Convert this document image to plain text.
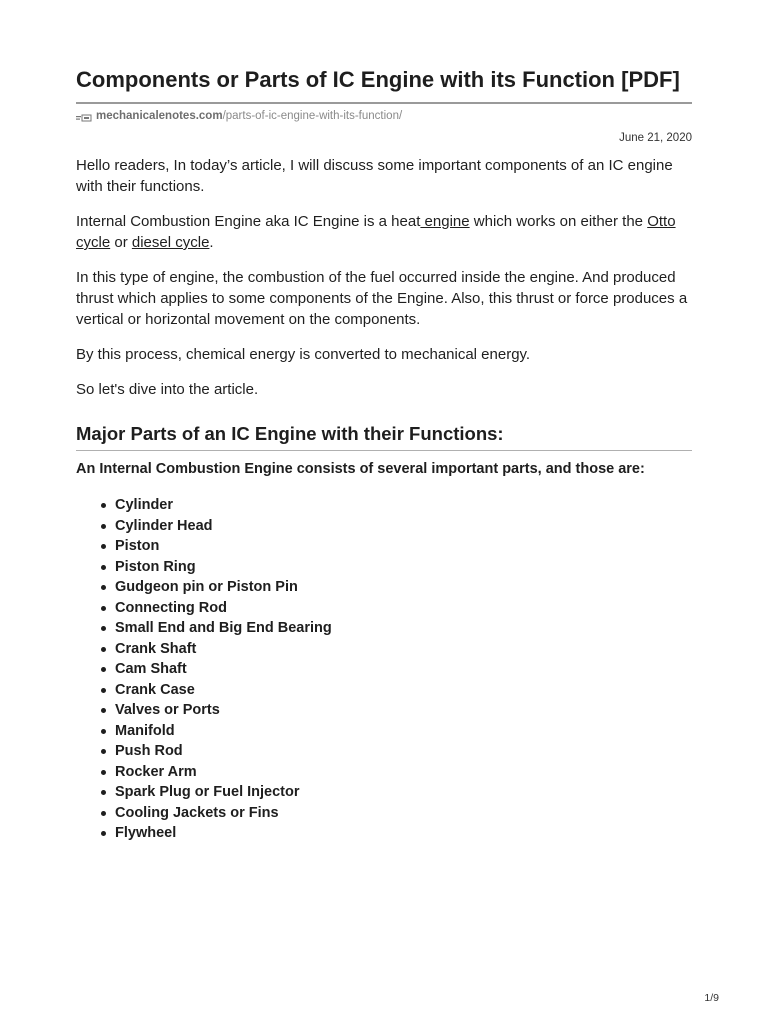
Components or Parts of IC Engine with its Function [PDF]
mechanicalenotes.com /parts-of-ic-engine-with-its-function/
June 21, 2020

Hello readers, In today’s article, I will discuss some important components of an IC engine with their functions.

Internal Combustion Engine aka IC Engine is a heat engine which works on either the Otto cycle or diesel cycle.

In this type of engine, the combustion of the fuel occurred inside the engine. And produced thrust which applies to some components of the Engine. Also, this thrust or force produces a vertical or horizontal movement on the components.

By this process, chemical energy is converted to mechanical energy.

So let's dive into the article.

Major Parts of an IC Engine with their Functions:

An Internal Combustion Engine consists of several important parts, and those are:

Cylinder
Cylinder Head
Piston
Piston Ring
Gudgeon pin or Piston Pin
Connecting Rod
Small End and Big End Bearing
Crank Shaft
Cam Shaft
Crank Case
Valves or Ports
Manifold
Push Rod
Rocker Arm
Spark Plug or Fuel Injector
Cooling Jackets or Fins
Flywheel
1/9
